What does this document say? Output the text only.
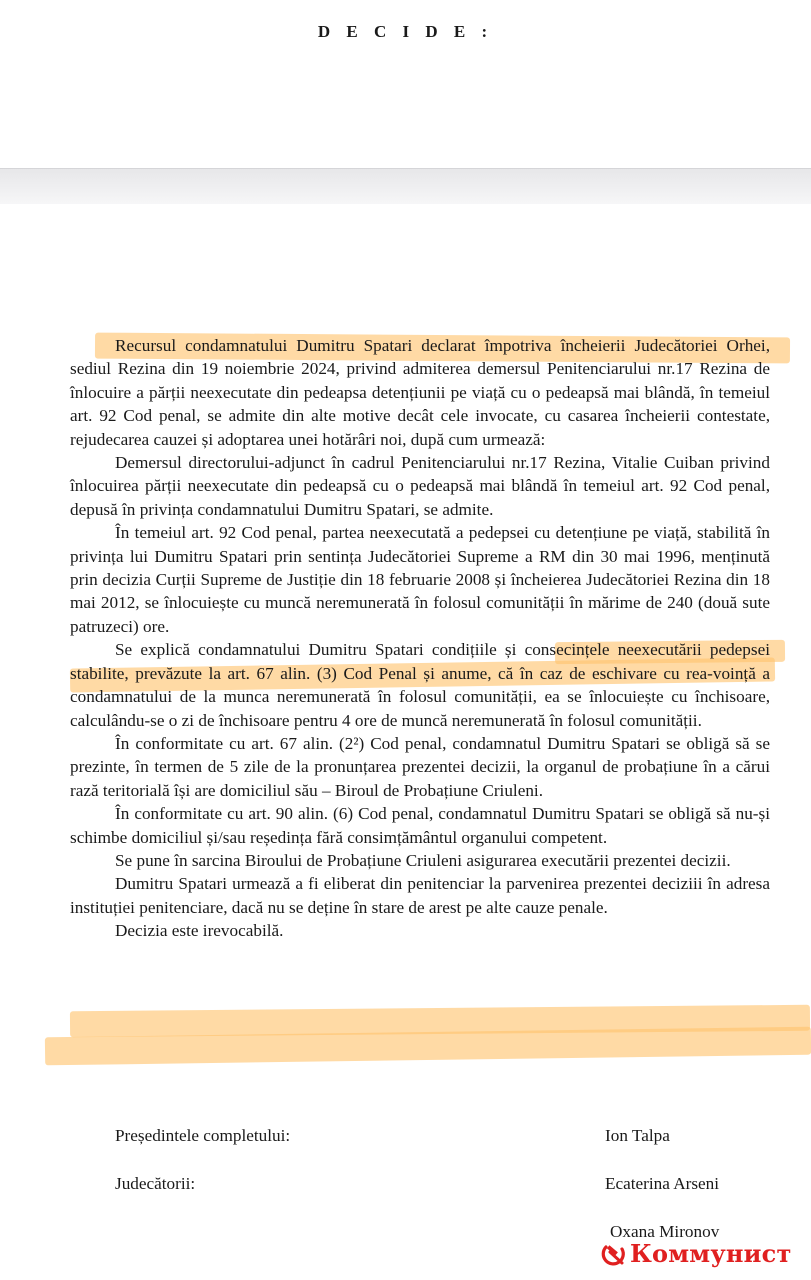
D E C I D E :

Recursul condamnatului Dumitru Spatari declarat împotriva încheierii Judecătoriei Orhei, sediul Rezina din 19 noiembrie 2024, privind admiterea demersul Penitenciarului nr.17 Rezina de înlocuire a părții neexecutate din pedeapsa detențiunii pe viață cu o pedeapsă mai blândă, în temeiul art. 92 Cod penal, se admite din alte motive decât cele invocate, cu casarea încheierii contestate, rejudecarea cauzei și adoptarea unei hotărâri noi, după cum urmează:

Demersul directorului-adjunct în cadrul Penitenciarului nr.17 Rezina, Vitalie Cuiban privind înlocuirea părții neexecutate din pedeapsă cu o pedeapsă mai blândă în temeiul art. 92 Cod penal, depusă în privința condamnatului Dumitru Spatari, se admite.

În temeiul art. 92 Cod penal, partea neexecutată a pedepsei cu detențiune pe viață, stabilită în privința lui Dumitru Spatari prin sentința Judecătoriei Supreme a RM din 30 mai 1996, menținută prin decizia Curții Supreme de Justiție din 18 februarie 2008 și încheierea Judecătoriei Rezina din 18 mai 2012, se înlocuiește cu muncă neremunerată în folosul comunității în mărime de 240 (două sute patruzeci) ore.

Se explică condamnatului Dumitru Spatari condițiile și consecințele neexecutării pedepsei stabilite, prevăzute la art. 67 alin. (3) Cod Penal și anume, că în caz de eschivare cu rea-voință a condamnatului de la munca neremunerată în folosul comunității, ea se înlocuiește cu închisoare, calculându-se o zi de închisoare pentru 4 ore de muncă neremunerată în folosul comunității.

În conformitate cu art. 67 alin. (2²) Cod penal, condamnatul Dumitru Spatari se obligă să se prezinte, în termen de 5 zile de la pronunțarea prezentei decizii, la organul de probațiune în a cărui rază teritorială își are domiciliul său – Biroul de Probațiune Criuleni.

În conformitate cu art. 90 alin. (6) Cod penal, condamnatul Dumitru Spatari se obligă să nu-și schimbe domiciliul și/sau reședința fără consimțământul organului competent.

Se pune în sarcina Biroului de Probațiune Criuleni asigurarea executării prezentei decizii.

Dumitru Spatari urmează a fi eliberat din penitenciar la parvenirea prezentei deciziii în adresa instituției penitenciare, dacă nu se deține în stare de arest pe alte cauze penale.

Decizia este irevocabilă.

Președintele completului:	Ion Talpa
Judecătorii:	Ecaterina Arseni
Oxana Mironov
Коммунист
